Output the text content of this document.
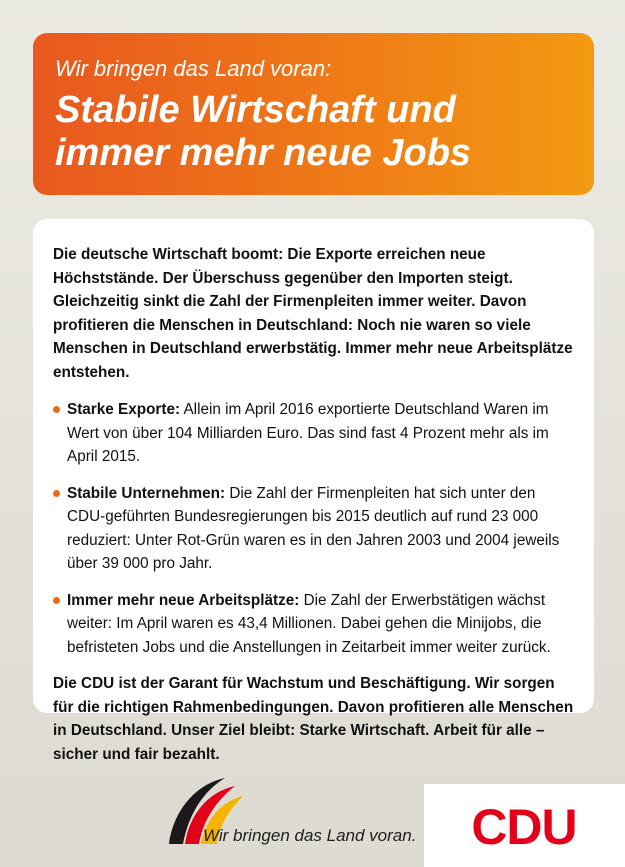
Wir bringen das Land voran:

Stabile Wirtschaft und
immer mehr neue Jobs

Die deutsche Wirtschaft boomt: Die Exporte erreichen neue Höchststände. Der Überschuss gegenüber den Importen steigt. Gleichzeitig sinkt die Zahl der Firmenpleiten immer weiter. Davon profitieren die Menschen in Deutschland: Noch nie waren so viele Menschen in Deutschland erwerbstätig. Immer mehr neue Arbeitsplätze entstehen.

Starke Exporte: Allein im April 2016 exportierte Deutschland Waren im Wert von über 104 Milliarden Euro. Das sind fast 4 Prozent mehr als im April 2015.
Stabile Unternehmen: Die Zahl der Firmenpleiten hat sich unter den CDU-geführten Bundesregierungen bis 2015 deutlich auf rund 23 000 reduziert: Unter Rot-Grün waren es in den Jahren 2003 und 2004 jeweils über 39 000 pro Jahr.
Immer mehr neue Arbeitsplätze: Die Zahl der Erwerbstätigen wächst weiter: Im April waren es 43,4 Millionen. Dabei gehen die Minijobs, die befristeten Jobs und die Anstellungen in Zeitarbeit immer weiter zurück.

Die CDU ist der Garant für Wachstum und Beschäftigung. Wir sorgen für die richtigen Rahmenbedingungen. Davon profitieren alle Menschen in Deutschland. Unser Ziel bleibt: Starke Wirtschaft. Arbeit für alle – sicher und fair bezahlt.

Wir bringen das Land voran.	CDU
